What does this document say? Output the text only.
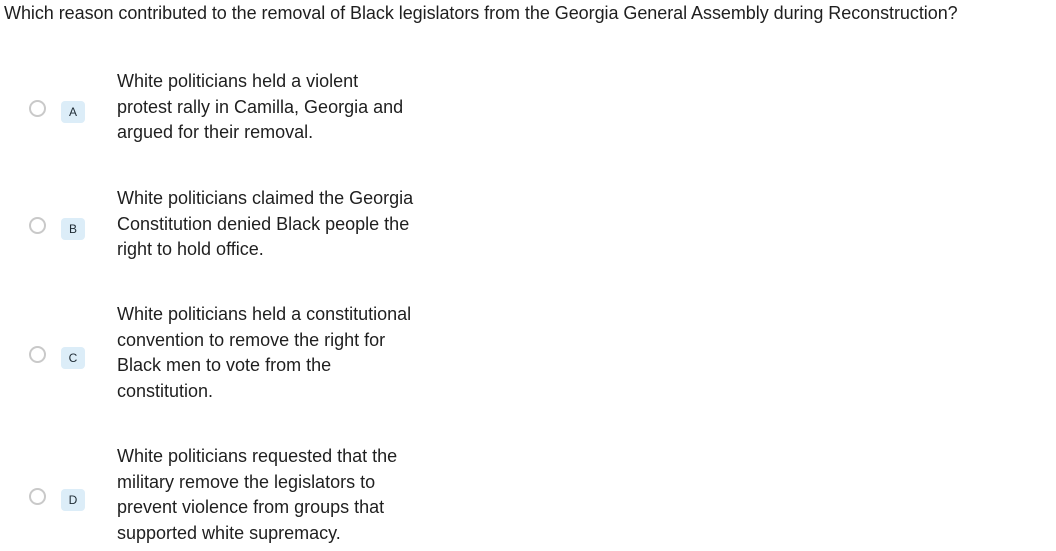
Which reason contributed to the removal of Black legislators from the Georgia General Assembly during Reconstruction?
A
White politicians held a violent protest rally in Camilla, Georgia and argued for their removal.
B
White politicians claimed the Georgia Constitution denied Black people the right to hold office.
C
White politicians held a constitutional convention to remove the right for Black men to vote from the constitution.
D
White politicians requested that the military remove the legislators to prevent violence from groups that supported white supremacy.
